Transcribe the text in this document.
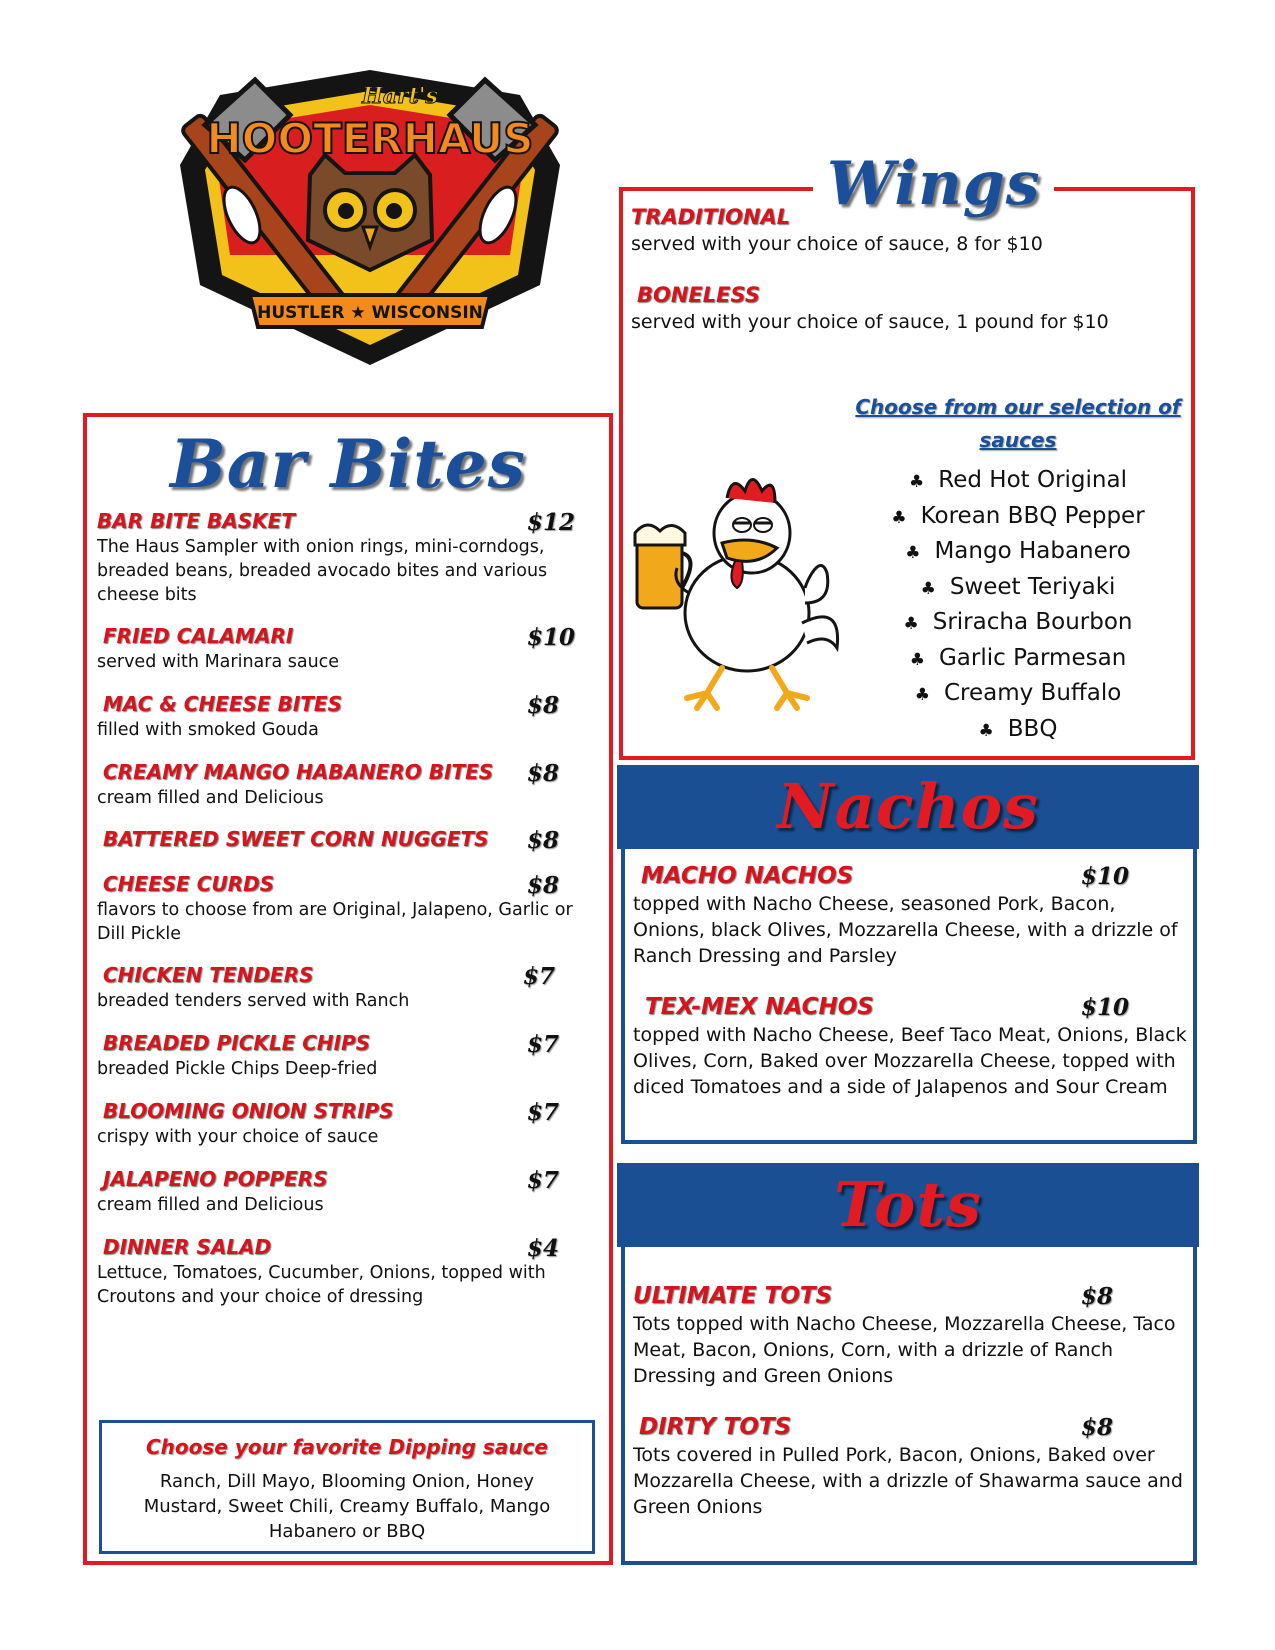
Hart's
HOOTERHAUS
HUSTLER ★ WISCONSIN
Bar Bites
BAR BITE BASKET	$12
The Haus Sampler with onion rings, mini-corndogs, breaded beans, breaded avocado bites and various cheese bits
FRIED CALAMARI	$10
served with Marinara sauce
MAC & CHEESE BITES	$8
filled with smoked Gouda
CREAMY MANGO HABANERO BITES	$8
cream filled and Delicious
BATTERED SWEET CORN NUGGETS	$8
CHEESE CURDS	$8
flavors to choose from are Original, Jalapeno, Garlic or Dill Pickle
CHICKEN TENDERS	$7
breaded tenders served with Ranch
BREADED PICKLE CHIPS	$7
breaded Pickle Chips Deep-fried
BLOOMING ONION STRIPS	$7
crispy with your choice of sauce
JALAPENO POPPERS	$7
cream filled and Delicious
DINNER SALAD	$4
Lettuce, Tomatoes, Cucumber, Onions, topped with Croutons and your choice of dressing
Choose your favorite Dipping sauce
Ranch, Dill Mayo, Blooming Onion, Honey Mustard, Sweet Chili, Creamy Buffalo, Mango Habanero or BBQ
Wings
TRADITIONAL
served with your choice of sauce, 8 for $10
BONELESS
served with your choice of sauce, 1 pound for $10
Choose from our selection of sauces
♣ Red Hot Original
♣ Korean BBQ Pepper
♣ Mango Habanero
♣ Sweet Teriyaki
♣ Sriracha Bourbon
♣ Garlic Parmesan
♣ Creamy Buffalo
♣ BBQ
Nachos
MACHO NACHOS	$10
topped with Nacho Cheese, seasoned Pork, Bacon, Onions, black Olives, Mozzarella Cheese, with a drizzle of Ranch Dressing and Parsley
TEX-MEX NACHOS	$10
topped with Nacho Cheese, Beef Taco Meat, Onions, Black Olives, Corn, Baked over Mozzarella Cheese, topped with diced Tomatoes and a side of Jalapenos and Sour Cream
Tots
ULTIMATE TOTS	$8
Tots topped with Nacho Cheese, Mozzarella Cheese, Taco Meat, Bacon, Onions, Corn, with a drizzle of Ranch Dressing and Green Onions
DIRTY TOTS	$8
Tots covered in Pulled Pork, Bacon, Onions, Baked over Mozzarella Cheese, with a drizzle of Shawarma sauce and Green Onions
